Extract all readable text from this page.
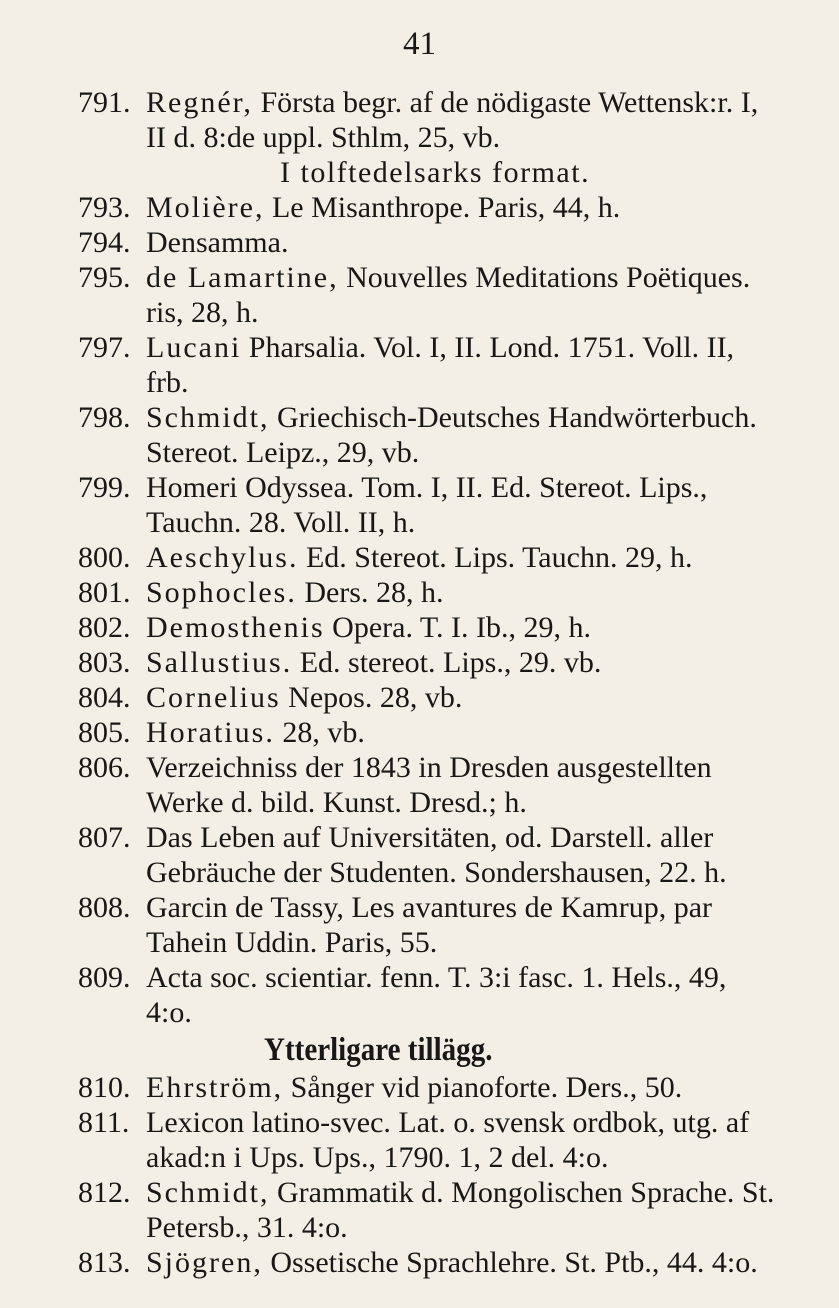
41
791. Regnér, Första begr. af de nödigaste Wettensk:r. I, II d. 8:de uppl. Sthlm, 25, vb.
I tolftedelsarks format.
793. Molière, Le Misanthrope. Paris, 44, h.
794. Densamma.
795. de Lamartine, Nouvelles Meditations Poëtiques. ris, 28, h.
797. Lucani Pharsalia. Vol. I, II. Lond. 1751. Voll. II, frb.
798. Schmidt, Griechisch-Deutsches Handwörterbuch. Stereot. Leipz., 29, vb.
799. Homeri Odyssea. Tom. I, II. Ed. Stereot. Lips., Tauchn. 28. Voll. II, h.
800. Aeschylus. Ed. Stereot. Lips. Tauchn. 29, h.
801. Sophocles. Ders. 28, h.
802. Demosthenis Opera. T. I. Ib., 29, h.
803. Sallustius. Ed. stereot. Lips., 29. vb.
804. Cornelius Nepos. 28, vb.
805. Horatius. 28, vb.
806. Verzeichniss der 1843 in Dresden ausgestellten Werke d. bild. Kunst. Dresd.; h.
807. Das Leben auf Universitäten, od. Darstell. aller Gebräuche der Studenten. Sondershausen, 22. h.
808. Garcin de Tassy, Les avantures de Kamrup, par Tahein Uddin. Paris, 55.
809. Acta soc. scientiar. fenn. T. 3:i fasc. 1. Hels., 49, 4:o.
Ytterligare tillägg.
810. Ehrström, Sånger vid pianoforte. Ders., 50.
811. Lexicon latino-svec. Lat. o. svensk ordbok, utg. af akad:n i Ups. Ups., 1790. 1, 2 del. 4:o.
812. Schmidt, Grammatik d. Mongolischen Sprache. St. Petersb., 31. 4:o.
813. Sjögren, Ossetische Sprachlehre. St. Ptb., 44. 4:o.
